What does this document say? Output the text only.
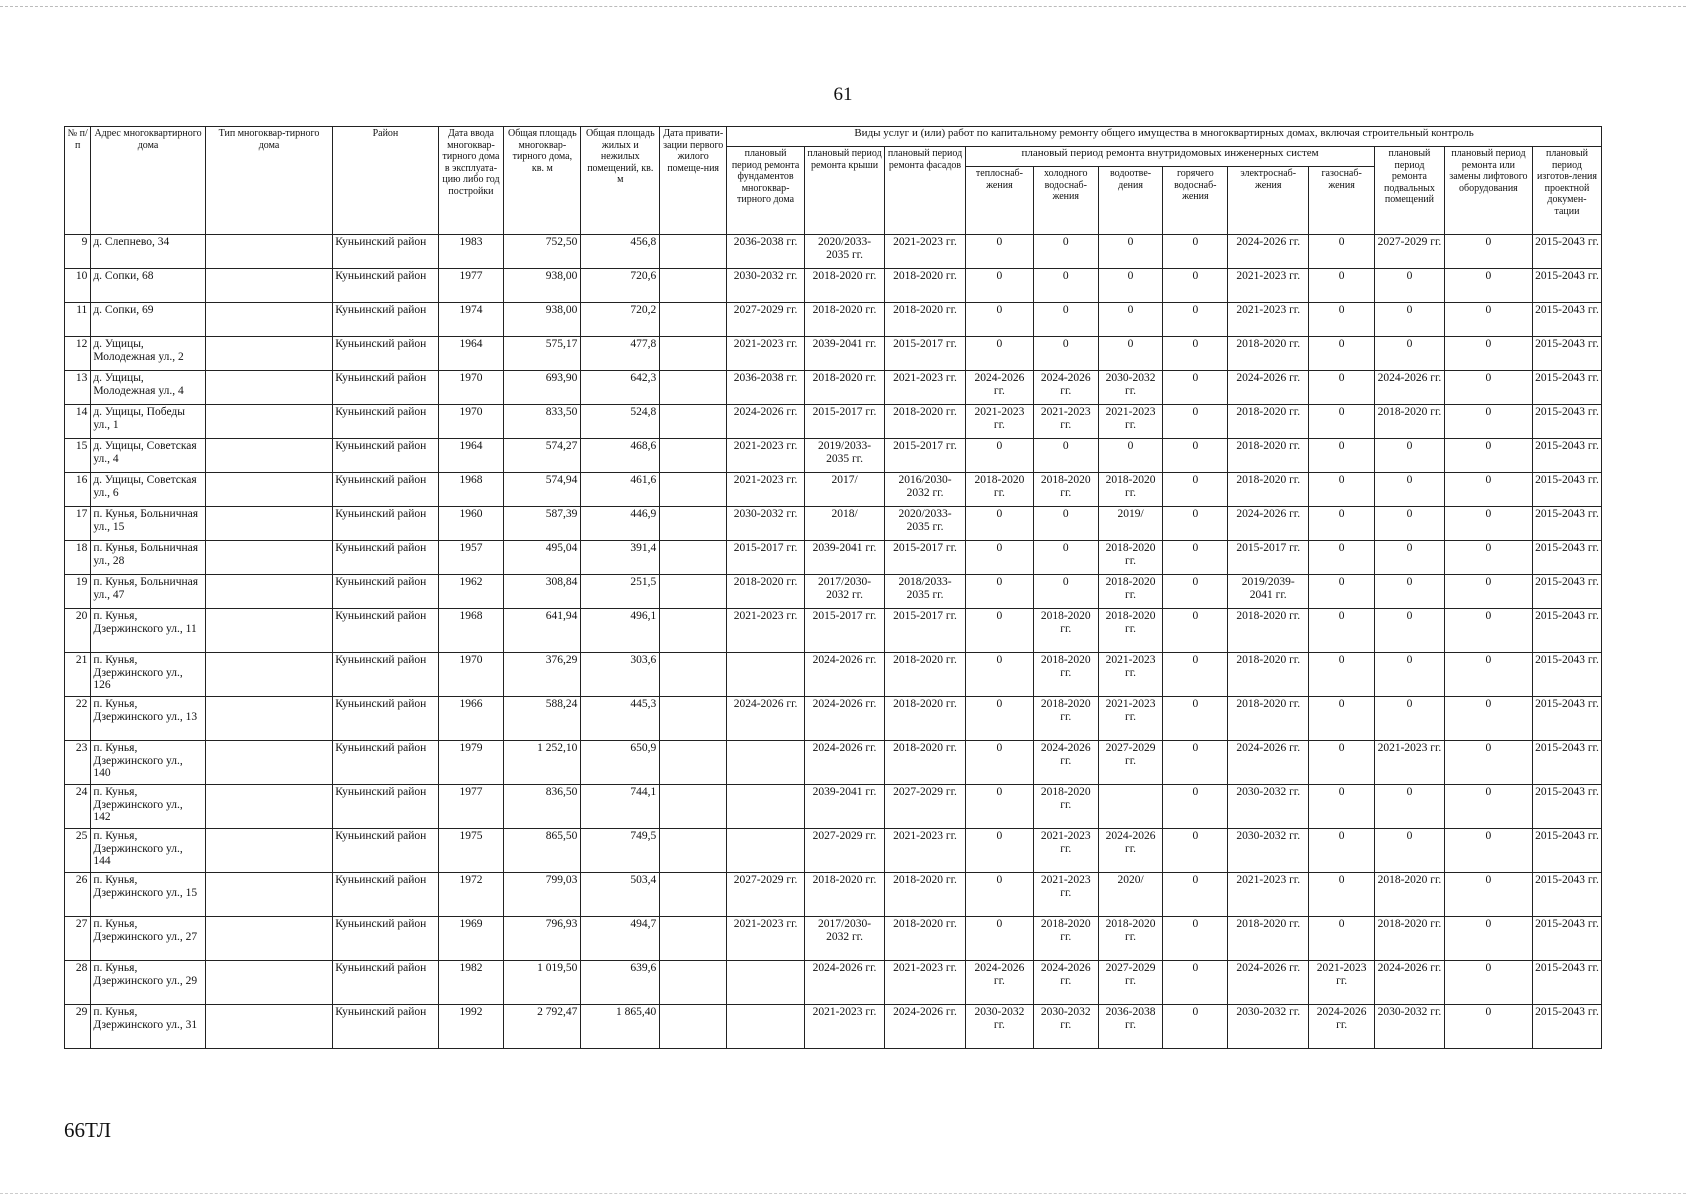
61
№ п/п	Адрес многоквартирного дома	Тип многоквар-тирного дома	Район	Дата ввода многоквар-тирного дома в эксплуата-цию либо год постройки	Общая площадь многоквар-тирного дома, кв. м	Общая площадь жилых и нежилых помещений, кв. м	Дата привати-зации первого жилого помеще-ния	Виды услуг и (или) работ по капитальному ремонту общего имущества в многоквартирных домах, включая строительный контроль											
								плановый период ремонта фундаментов многоквар-тирного дома	плановый период ремонта крыши	плановый период ремонта фасадов	плановый период ремонта внутридомовых инженерных систем						плановый период ремонта подвальных помещений	плановый период ремонта или замены лифтового оборудования	плановый период изготов-ления проектной докумен-тации
											теплоснаб-жения	холодного водоснаб-жения	водоотве-дения	горячего водоснаб-жения	электроснаб-жения	газоснаб-жения			
9	д. Слепнево, 34		Куньинский район	1983	752,50	456,8		2036-2038 гг.	2020/2033-2035 гг.	2021-2023 гг.	0	0	0	0	2024-2026 гг.	0	2027-2029 гг.	0	2015-2043 гг.
10	д. Сопки, 68		Куньинский район	1977	938,00	720,6		2030-2032 гг.	2018-2020 гг.	2018-2020 гг.	0	0	0	0	2021-2023 гг.	0	0	0	2015-2043 гг.
11	д. Сопки, 69		Куньинский район	1974	938,00	720,2		2027-2029 гг.	2018-2020 гг.	2018-2020 гг.	0	0	0	0	2021-2023 гг.	0	0	0	2015-2043 гг.
12	д. Ущицы, Молодежная ул., 2		Куньинский район	1964	575,17	477,8		2021-2023 гг.	2039-2041 гг.	2015-2017 гг.	0	0	0	0	2018-2020 гг.	0	0	0	2015-2043 гг.
13	д. Ущицы, Молодежная ул., 4		Куньинский район	1970	693,90	642,3		2036-2038 гг.	2018-2020 гг.	2021-2023 гг.	2024-2026 гг.	2024-2026 гг.	2030-2032 гг.	0	2024-2026 гг.	0	2024-2026 гг.	0	2015-2043 гг.
14	д. Ущицы, Победы ул., 1		Куньинский район	1970	833,50	524,8		2024-2026 гг.	2015-2017 гг.	2018-2020 гг.	2021-2023 гг.	2021-2023 гг.	2021-2023 гг.	0	2018-2020 гг.	0	2018-2020 гг.	0	2015-2043 гг.
15	д. Ущицы, Советская ул., 4		Куньинский район	1964	574,27	468,6		2021-2023 гг.	2019/2033-2035 гг.	2015-2017 гг.	0	0	0	0	2018-2020 гг.	0	0	0	2015-2043 гг.
16	д. Ущицы, Советская ул., 6		Куньинский район	1968	574,94	461,6		2021-2023 гг.	2017/	2016/2030-2032 гг.	2018-2020 гг.	2018-2020 гг.	2018-2020 гг.	0	2018-2020 гг.	0	0	0	2015-2043 гг.
17	п. Кунья, Больничная ул., 15		Куньинский район	1960	587,39	446,9		2030-2032 гг.	2018/	2020/2033-2035 гг.	0	0	2019/	0	2024-2026 гг.	0	0	0	2015-2043 гг.
18	п. Кунья, Больничная ул., 28		Куньинский район	1957	495,04	391,4		2015-2017 гг.	2039-2041 гг.	2015-2017 гг.	0	0	2018-2020 гг.	0	2015-2017 гг.	0	0	0	2015-2043 гг.
19	п. Кунья, Больничная ул., 47		Куньинский район	1962	308,84	251,5		2018-2020 гг.	2017/2030-2032 гг.	2018/2033-2035 гг.	0	0	2018-2020 гг.	0	2019/2039-2041 гг.	0	0	0	2015-2043 гг.
20	п. Кунья, Дзержинского ул., 11		Куньинский район	1968	641,94	496,1		2021-2023 гг.	2015-2017 гг.	2015-2017 гг.	0	2018-2020 гг.	2018-2020 гг.	0	2018-2020 гг.	0	0	0	2015-2043 гг.
21	п. Кунья, Дзержинского ул., 126		Куньинский район	1970	376,29	303,6			2024-2026 гг.	2018-2020 гг.	0	2018-2020 гг.	2021-2023 гг.	0	2018-2020 гг.	0	0	0	2015-2043 гг.
22	п. Кунья, Дзержинского ул., 13		Куньинский район	1966	588,24	445,3		2024-2026 гг.	2024-2026 гг.	2018-2020 гг.	0	2018-2020 гг.	2021-2023 гг.	0	2018-2020 гг.	0	0	0	2015-2043 гг.
23	п. Кунья, Дзержинского ул., 140		Куньинский район	1979	1 252,10	650,9			2024-2026 гг.	2018-2020 гг.	0	2024-2026 гг.	2027-2029 гг.	0	2024-2026 гг.	0	2021-2023 гг.	0	2015-2043 гг.
24	п. Кунья, Дзержинского ул., 142		Куньинский район	1977	836,50	744,1			2039-2041 гг.	2027-2029 гг.	0	2018-2020 гг.		0	2030-2032 гг.	0	0	0	2015-2043 гг.
25	п. Кунья, Дзержинского ул., 144		Куньинский район	1975	865,50	749,5			2027-2029 гг.	2021-2023 гг.	0	2021-2023 гг.	2024-2026 гг.	0	2030-2032 гг.	0	0	0	2015-2043 гг.
26	п. Кунья, Дзержинского ул., 15		Куньинский район	1972	799,03	503,4		2027-2029 гг.	2018-2020 гг.	2018-2020 гг.	0	2021-2023 гг.	2020/	0	2021-2023 гг.	0	2018-2020 гг.	0	2015-2043 гг.
27	п. Кунья, Дзержинского ул., 27		Куньинский район	1969	796,93	494,7		2021-2023 гг.	2017/2030-2032 гг.	2018-2020 гг.	0	2018-2020 гг.	2018-2020 гг.	0	2018-2020 гг.	0	2018-2020 гг.	0	2015-2043 гг.
28	п. Кунья, Дзержинского ул., 29		Куньинский район	1982	1 019,50	639,6			2024-2026 гг.	2021-2023 гг.	2024-2026 гг.	2024-2026 гг.	2027-2029 гг.	0	2024-2026 гг.	2021-2023 гг.	2024-2026 гг.	0	2015-2043 гг.
29	п. Кунья, Дзержинского ул., 31		Куньинский район	1992	2 792,47	1 865,40			2021-2023 гг.	2024-2026 гг.	2030-2032 гг.	2030-2032 гг.	2036-2038 гг.	0	2030-2032 гг.	2024-2026 гг.	2030-2032 гг.	0	2015-2043 гг.
66ТЛ
